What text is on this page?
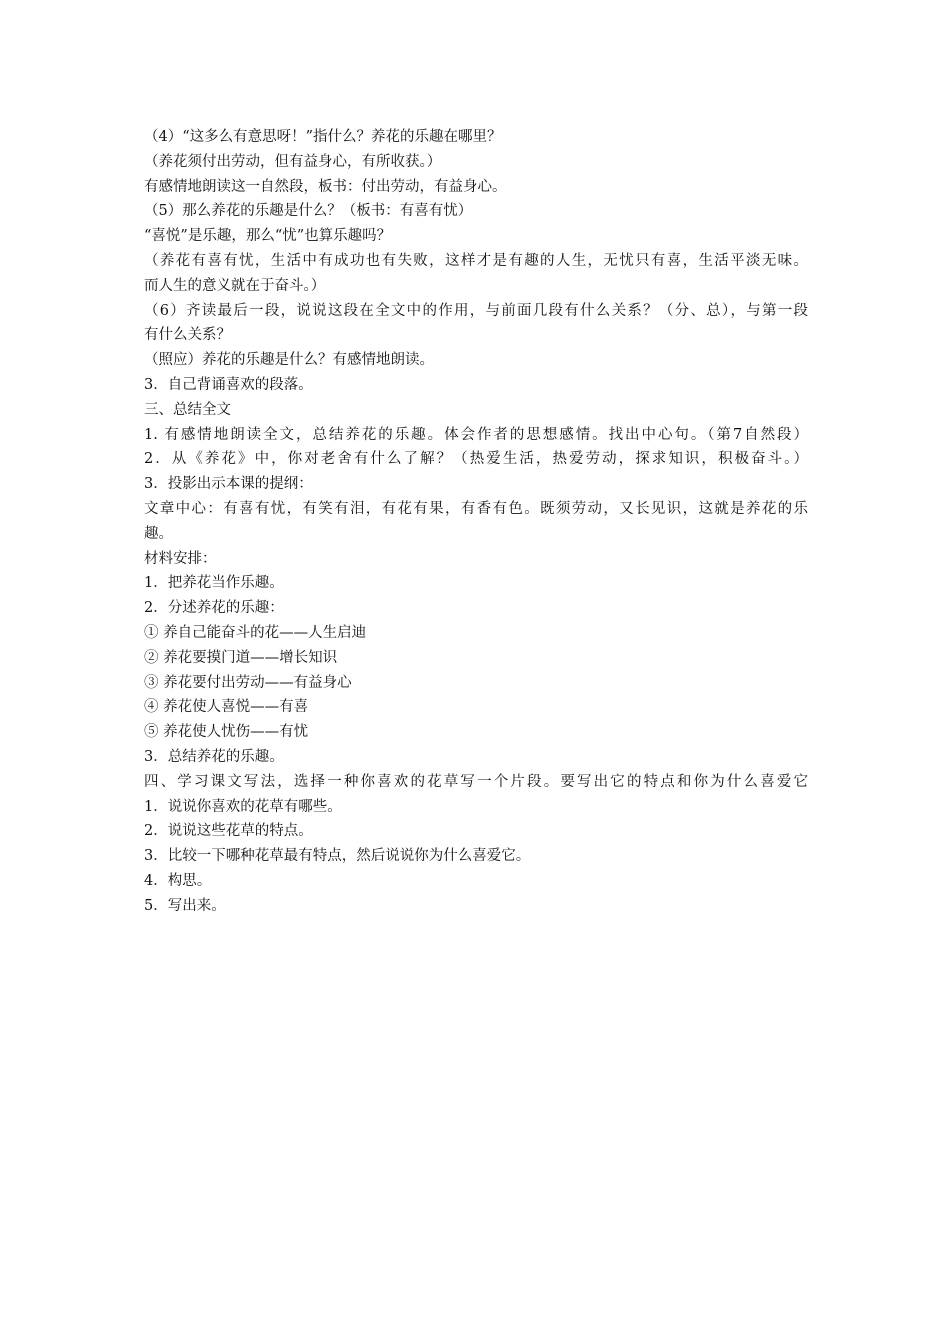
（4）“这多么有意思呀！”指什么？养花的乐趣在哪里？
（养花须付出劳动，但有益身心，有所收获。）
有感情地朗读这一自然段，板书：付出劳动，有益身心。
（5）那么养花的乐趣是什么？（板书：有喜有忧）
“喜悦”是乐趣，那么“忧”也算乐趣吗？
（养花有喜有忧，生活中有成功也有失败，这样才是有趣的人生，无忧只有喜，生活平淡无味。
而人生的意义就在于奋斗。）
（6）齐读最后一段，说说这段在全文中的作用，与前面几段有什么关系？（分、总），与第一段
有什么关系？
（照应）养花的乐趣是什么？有感情地朗读。
3．自己背诵喜欢的段落。
三、总结全文
1. 有感情地朗读全文，总结养花的乐趣。体会作者的思想感情。找出中心句。（第7自然段）
2．从《养花》中，你对老舍有什么了解？（热爱生活，热爱劳动，探求知识，积极奋斗。）
3．投影出示本课的提纲：
文章中心：有喜有忧，有笑有泪，有花有果，有香有色。既须劳动，又长见识，这就是养花的乐
趣。
材料安排：
1．把养花当作乐趣。
2．分述养花的乐趣：
① 养自己能奋斗的花——人生启迪
② 养花要摸门道——增长知识
③ 养花要付出劳动——有益身心
④ 养花使人喜悦——有喜
⑤ 养花使人忧伤——有忧
3．总结养花的乐趣。
四、学习课文写法，选择一种你喜欢的花草写一个片段。要写出它的特点和你为什么喜爱它
1．说说你喜欢的花草有哪些。
2．说说这些花草的特点。
3．比较一下哪种花草最有特点，然后说说你为什么喜爱它。
4．构思。
5．写出来。
